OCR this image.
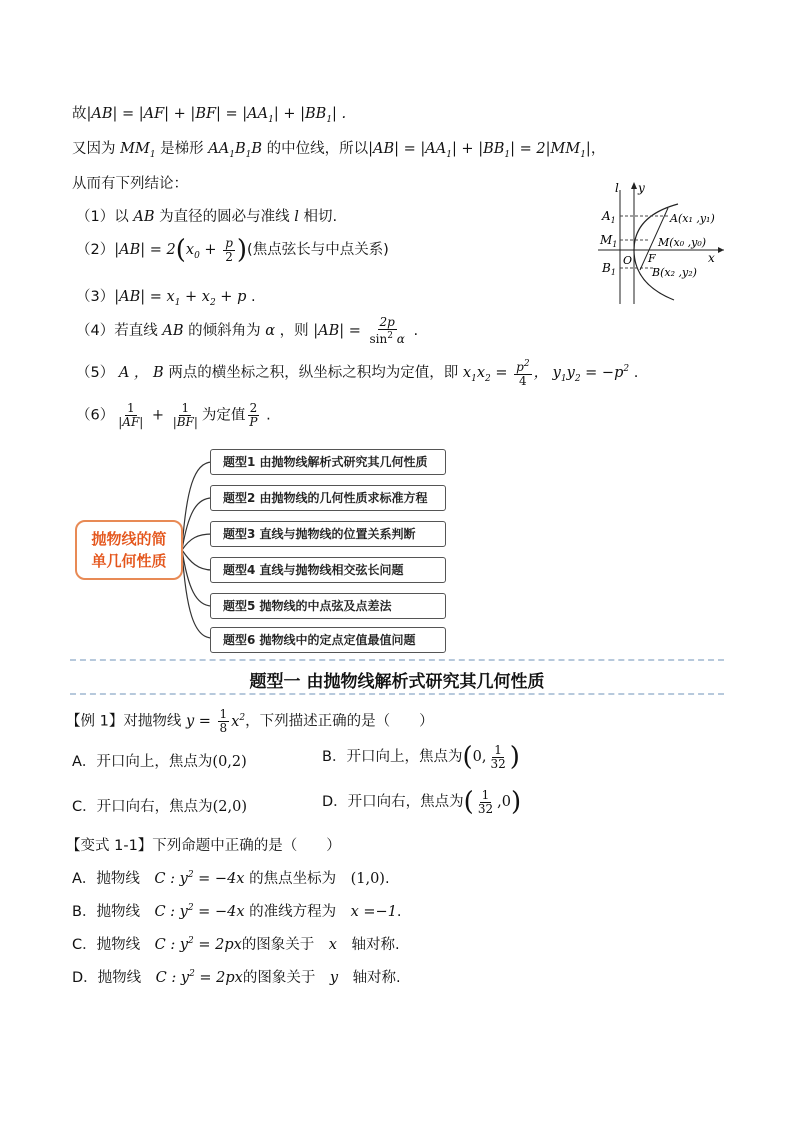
故$|AB| = |AF| + |BF| = |AA_1| + |BB_1|$ .
又因为 $MM_1$ 是梯形 $AA_1B_1B$ 的中位线，所以$|AB| = |AA_1| + |BB_1| = 2|MM_1|$，
从而有下列结论：
（1）以 AB 为直径的圆必与准线 l 相切.
$(2)|AB| = 2(x_0 + \frac{p}{2}$ )(焦点弦长与中点关系)
$(3)|AB| = x_1 + x_2 + p$ .
（4）若直线 AB 的倾斜角为 α ，则 $|AB| = \frac{2p}{\sin^2 \alpha}$ .
（5） A ， B 两点的横坐标之积，纵坐标之积均为定值，即 $x_1x_2 = \frac{p^2}{4}$ ， $y_1y_2 = -p^2$ .
$(6) \frac{1}{|AF|} + \frac{1}{|BF|}$ 为定值 $\frac{2}{P}$ .
l y
x
$A_1$
$M_1$
$B_1$
O F
A(x₁ ,y₁)
M(x₀ ,y₀)
B(x₂ ,y₂)
抛物线的简
单几何性质
题型1 由抛物线解析式研究其几何性质
题型2 由抛物线的几何性质求标准方程
题型3 直线与抛物线的位置关系判断
题型4 直线与抛物线相交弦长问题
题型5 抛物线的中点弦及点差法
题型6 抛物线中的定点定值最值问题
题型一 由抛物线解析式研究其几何性质
【例 1】对抛物线 $y = \frac{1}{8} x^2$，下列描述正确的是（　　）
A．开口向上，焦点为(0,2)	B．开口向上，焦点为(0, $\frac{1}{32}$ )
C．开口向右，焦点为(2,0)	D．开口向右，焦点为( $\frac{1}{32} ,0$)
【变式 1-1】下列命题中正确的是（　　）
A．抛物线　C : $y^2 = -4x$ 的焦点坐标为　(1,0).
B．抛物线　C : $y^2 = -4x$ 的准线方程为　x =−1.
C．抛物线　C : $y^2 = 2px$的图象关于　x　轴对称.
D．抛物线　C : $y^2 = 2px$的图象关于　y　轴对称.
